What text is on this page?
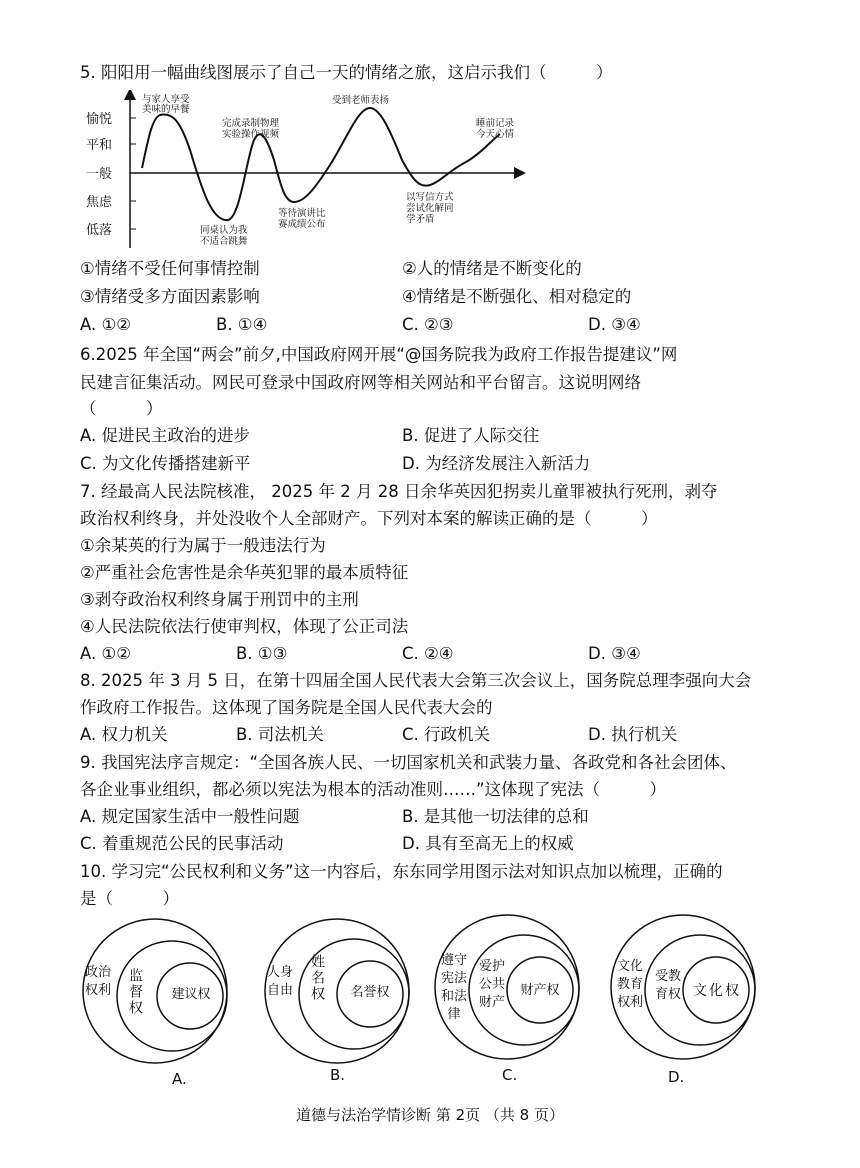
5. 阳阳用一幅曲线图展示了自己一天的情绪之旅，这启示我们（　　　）
愉悦
平和
一般
焦虑
低落
与家人享受
美味的早餐
完成录制物理
实验操作视频
受到老师表扬
睡前记录
今天心情
同桌认为我
不适合跳舞
等待演讲比
赛成绩公布
以写信方式
尝试化解同
学矛盾
①情绪不受任何事情控制	②人的情绪是不断变化的
③情绪受多方面因素影响	④情绪是不断强化、相对稳定的
A. ①②	B. ①④	C. ②③	D. ③④
6.2025 年全国“两会”前夕,中国政府网开展“@国务院我为政府工作报告提建议”网
民建言征集活动。网民可登录中国政府网等相关网站和平台留言。这说明网络
（　　　）
A. 促进民主政治的进步	B. 促进了人际交往
C. 为文化传播搭建新平	D. 为经济发展注入新活力
7. 经最高人民法院核准， 2025 年 2 月 28 日余华英因犯拐卖儿童罪被执行死刑，剥夺
政治权利终身，并处没收个人全部财产。下列对本案的解读正确的是（　　　）
①余某英的行为属于一般违法行为
②严重社会危害性是余华英犯罪的最本质特征
③剥夺政治权利终身属于刑罚中的主刑
④人民法院依法行使审判权，体现了公正司法
A. ①②	B. ①③	C. ②④	D. ③④
8. 2025 年 3 月 5 日，在第十四届全国人民代表大会第三次会议上，国务院总理李强向大会
作政府工作报告。这体现了国务院是全国人民代表大会的
A. 权力机关	B. 司法机关	C. 行政机关	D. 执行机关
9. 我国宪法序言规定：“全国各族人民、一切国家机关和武装力量、各政党和各社会团体、
各企业事业组织，都必须以宪法为根本的活动准则……”这体现了宪法（　　　）
A. 规定国家生活中一般性问题	B. 是其他一切法律的总和
C. 着重规范公民的民事活动	D. 具有至高无上的权威
10. 学习完“公民权利和义务”这一内容后，东东同学用图示法对知识点加以梳理，正确的
是（　　　）
政治权利 监督权	建议权
A.
人身自由 姓名权	名誉权
B.
遵守宪法和法律
爱护公共财产
财产权
C.
文化教育权利
受教育权 文化权
D.
道德与法治学情诊断 第 2页 （共 8 页）
